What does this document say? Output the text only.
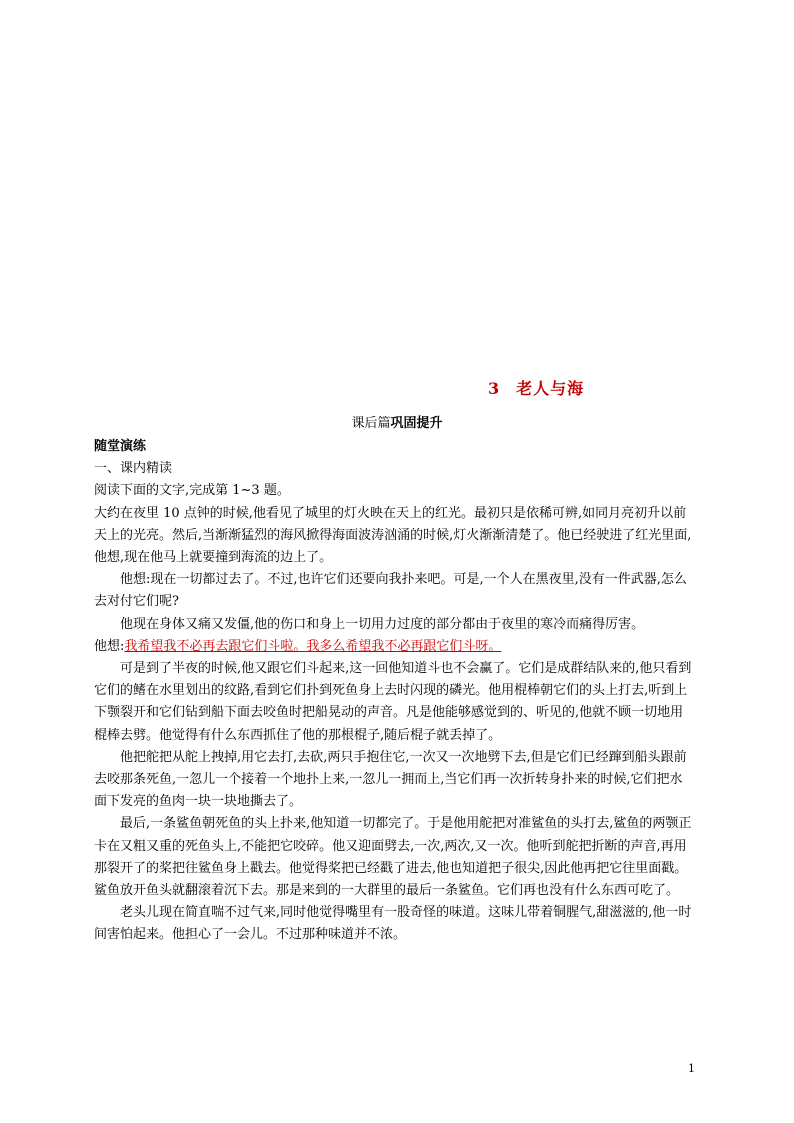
3 老人与海
课后篇巩固提升

随堂演练

一、课内精读

阅读下面的文字,完成第 1~3 题。

大约在夜里 10 点钟的时候,他看见了城里的灯火映在天上的红光。最初只是依稀可辨,如同月亮初升以前天上的光亮。然后,当渐渐猛烈的海风掀得海面波涛汹涌的时候,灯火渐渐清楚了。他已经驶进了红光里面,他想,现在他马上就要撞到海流的边上了。

他想:现在一切都过去了。不过,也许它们还要向我扑来吧。可是,一个人在黑夜里,没有一件武器,怎么去对付它们呢?

他现在身体又痛又发僵,他的伤口和身上一切用力过度的部分都由于夜里的寒冷而痛得厉害。

他想:我希望我不必再去跟它们斗啦。我多么希望我不必再跟它们斗呀。

可是到了半夜的时候,他又跟它们斗起来,这一回他知道斗也不会赢了。它们是成群结队来的,他只看到它们的鳍在水里划出的纹路,看到它们扑到死鱼身上去时闪现的磷光。他用棍棒朝它们的头上打去,听到上下颚裂开和它们钻到船下面去咬鱼时把船晃动的声音。凡是他能够感觉到的、听见的,他就不顾一切地用棍棒去劈。他觉得有什么东西抓住了他的那根棍子,随后棍子就丢掉了。

他把舵把从舵上拽掉,用它去打,去砍,两只手抱住它,一次又一次地劈下去,但是它们已经蹿到船头跟前去咬那条死鱼,一忽儿一个接着一个地扑上来,一忽儿一拥而上,当它们再一次折转身扑来的时候,它们把水面下发亮的鱼肉一块一块地撕去了。

最后,一条鲨鱼朝死鱼的头上扑来,他知道一切都完了。于是他用舵把对准鲨鱼的头打去,鲨鱼的两颚正卡在又粗又重的死鱼头上,不能把它咬碎。他又迎面劈去,一次,两次,又一次。他听到舵把折断的声音,再用那裂开了的桨把往鲨鱼身上戳去。他觉得桨把已经戳了进去,他也知道把子很尖,因此他再把它往里面戳。鲨鱼放开鱼头就翻滚着沉下去。那是来到的一大群里的最后一条鲨鱼。它们再也没有什么东西可吃了。

老头儿现在简直喘不过气来,同时他觉得嘴里有一股奇怪的味道。这味儿带着铜腥气,甜滋滋的,他一时间害怕起来。他担心了一会儿。不过那种味道并不浓。

1
